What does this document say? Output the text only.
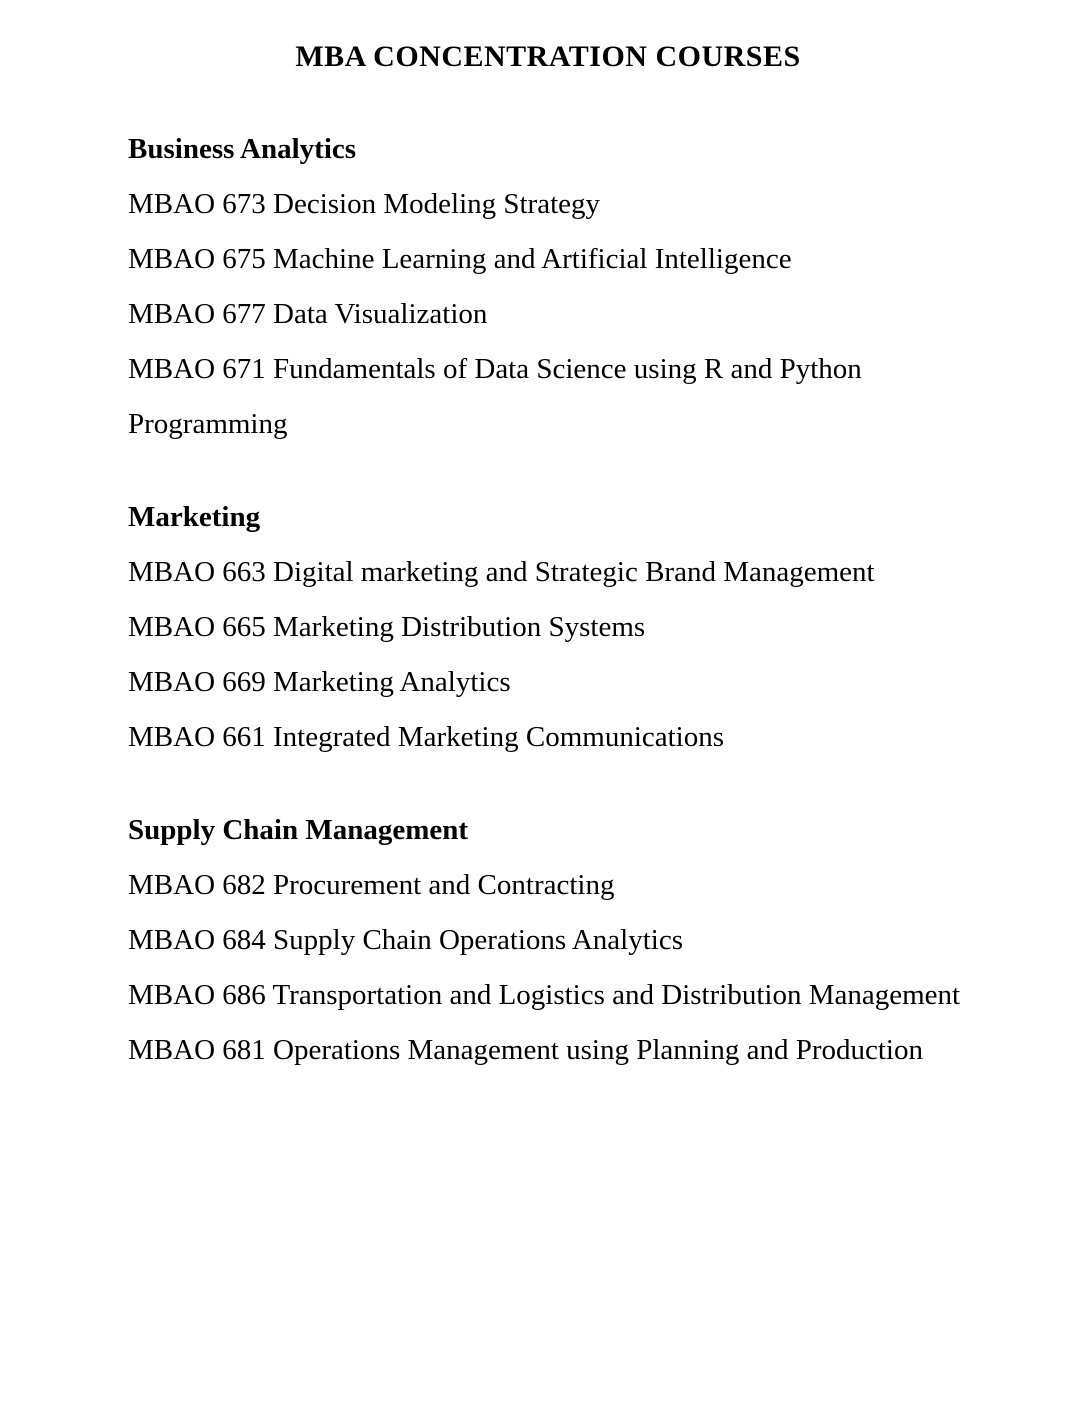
MBA CONCENTRATION COURSES
Business Analytics

MBAO 673 Decision Modeling Strategy

MBAO 675 Machine Learning and Artificial Intelligence

MBAO 677 Data Visualization

MBAO 671 Fundamentals of Data Science using R and Python Programming

Marketing

MBAO 663 Digital marketing and Strategic Brand Management

MBAO 665 Marketing Distribution Systems

MBAO 669 Marketing Analytics

MBAO 661 Integrated Marketing Communications

Supply Chain Management

MBAO 682 Procurement and Contracting

MBAO 684 Supply Chain Operations Analytics

MBAO 686 Transportation and Logistics and Distribution Management

MBAO 681 Operations Management using Planning and Production
